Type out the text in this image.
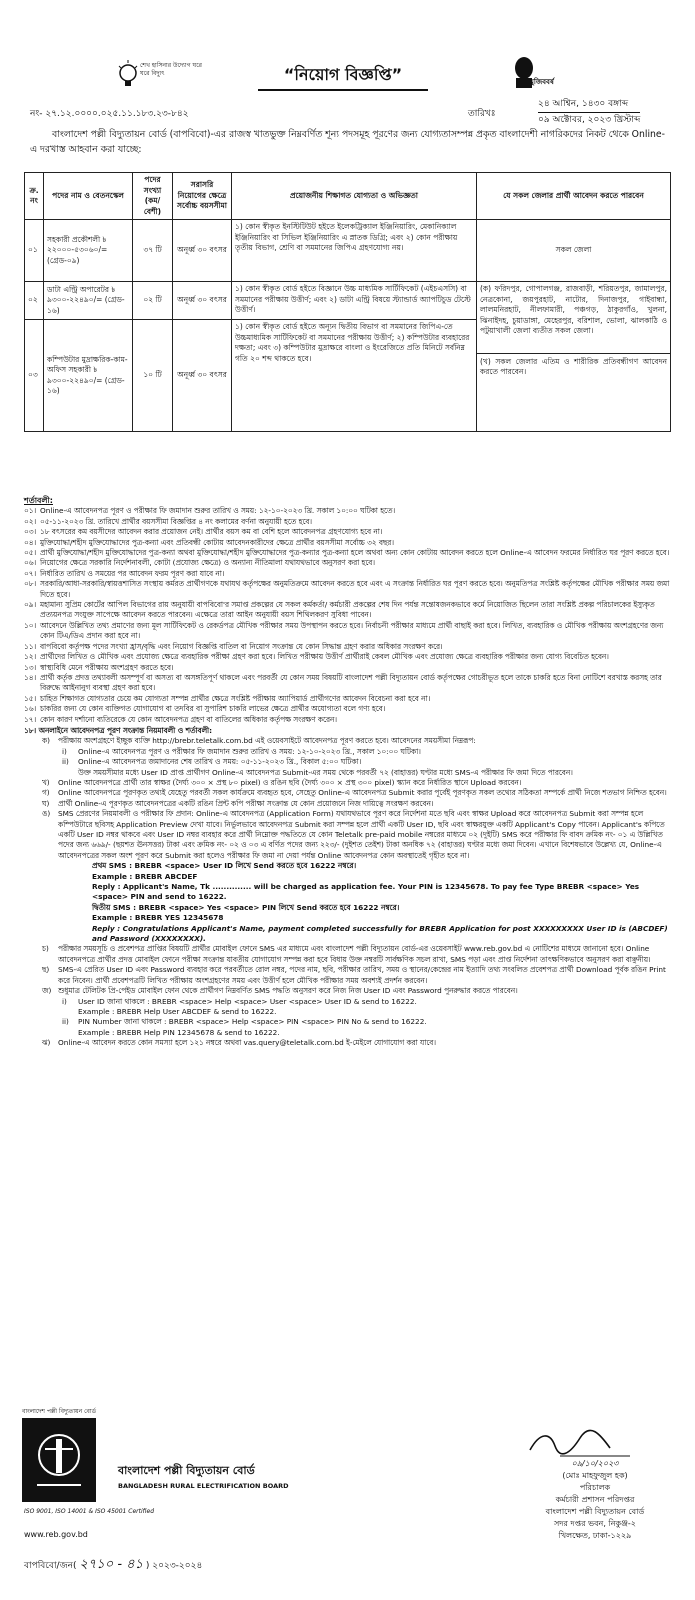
শেখ হাসিনার উদ্যোগ ঘরে ঘরে বিদ্যুৎ
মুজিববর্ষ
“নিয়োগ বিজ্ঞপ্তি”
নং- ২৭.১২.০০০০.০২৫.১১.১৮৩.২৩-৮৪২	তারিখঃ
২৪ আশ্বিন, ১৪৩০ বঙ্গাব্দ
০৯ অক্টোবর, ২০২৩ খ্রিস্টাব্দ
বাংলাদেশ পল্লী বিদ্যুতায়ন বোর্ড (বাপবিবো)-এর রাজস্ব খাতভুক্ত নিম্নবর্ণিত শূন্য পদসমূহ পূরণের জন্য যোগ্যতাসম্পন্ন প্রকৃত বাংলাদেশী নাগরিকদের নিকট থেকে Online-এ দরখাস্ত আহবান করা যাচ্ছে:
ক্র. নং	পদের নাম ও বেতনস্কেল	পদের সংখ্যা (কম/ বেশী)	সরাসরি নিয়োগের ক্ষেত্রে সর্বোচ্চ বয়সসীমা	প্রয়োজনীয় শিক্ষাগত যোগ্যতা ও অভিজ্ঞতা	যে সকল জেলার প্রার্থী আবেদন করতে পারবেন
০১	সহকারী প্রকৌশলী ৳ ২২০০০-৫৩০৬০/= (গ্রেড-০৯)	৩৭ টি	অনূর্ধ্ব ৩০ বৎসর	১) কোন স্বীকৃত ইনস্টিটিউট হইতে ইলেকট্রিক্যাল ইঞ্জিনিয়ারিং, মেকানিক্যাল ইঞ্জিনিয়ারিং বা সিভিল ইঞ্জিনিয়ারিং এ স্নাতক ডিগ্রি; এবং ২) কোন পরীক্ষায় তৃতীয় বিভাগ, শ্রেণি বা সমমানের জিপিএ গ্রহণযোগ্য নয়।	সকল জেলা
০২	ডাটা এন্ট্রি অপারেটর ৳ ৯৩০০-২২৪৯০/= (গ্রেড- ১৬)	০২ টি	অনূর্ধ্ব ৩০ বৎসর	১) কোন স্বীকৃত বোর্ড হইতে বিজ্ঞানে উচ্চ মাধ্যমিক সার্টিফিকেট (এইচএসসি) বা সমমানের পরীক্ষায় উত্তীর্ণ; এবং ২) ডাটা এন্ট্রি বিষয়ে স্ট্যান্ডার্ড অ্যাপটিচুড টেস্টে উত্তীর্ণ।	(ক) ফরিদপুর, গোপালগঞ্জ, রাজবাড়ী, শরিয়তপুর, জামালপুর, নেত্রকোনা, জয়পুরহাট, নাটোর, দিনাজপুর, গাইবান্ধা, লালমনিরহাট, নীলফামারী, পঞ্চগড়, ঠাকুরগাঁও, খুলনা, ঝিনাইদহ, চুয়াডাঙ্গা, মেহেরপুর, বরিশাল, ভোলা, ঝালকাঠি ও পটুয়াখালী জেলা ব্যতীত সকল জেলা।
(খ) সকল জেলার এতিম ও শারীরিক প্রতিবন্ধীগণ আবেদন করতে পারবেন।

০৩	কম্পিউটার মুদ্রাক্ষরিক-কাম-অফিস সহকারী ৳ ৯৩০০-২২৪৯০/= (গ্রেড- ১৬)	১০ টি	অনূর্ধ্ব ৩০ বৎসর	১) কোন স্বীকৃত বোর্ড হইতে অন্যূন দ্বিতীয় বিভাগ বা সমমানের জিপিএ-তে উচ্চমাধ্যমিক সার্টিফিকেট বা সমমানের পরীক্ষায় উত্তীর্ণ; ২) কম্পিউটার ব্যবহারের দক্ষতা; এবং ৩) কম্পিউটার মুদ্রাক্ষরে বাংলা ও ইংরেজিতে প্রতি মিনিটে সর্বনিম্ন গতি ২০ শব্দ থাকতে হবে।	
শর্তাবলী:
০১। Online-এ আবেদনপত্র পূরণ ও পরীক্ষার ফি জমাদান শুরুর তারিখ ও সময়: ১২-১০-২০২৩ খ্রি. সকাল ১০:০০ ঘটিকা হতে।
০২। ০৫-১১-২০২৩ খ্রি. তারিখে প্রার্থীর বয়সসীমা বিজ্ঞপ্তির ৪ নং কলামের বর্ণনা অনুযায়ী হতে হবে।
০৩। ১৮ বৎসরের কম বয়সীদের আবেদন করার প্রয়োজন নেই। প্রার্থীর বয়স কম বা বেশি হলে আবেদনপত্র গ্রহণযোগ্য হবে না।
০৪। মুক্তিযোদ্ধা/শহীদ মুক্তিযোদ্ধাদের পুত্র-কন্যা এবং প্রতিবন্ধী কোটায় আবেদনকারীদের ক্ষেত্রে প্রার্থীর বয়সসীমা সর্বোচ্চ ৩২ বছর।
০৫। প্রার্থী মুক্তিযোদ্ধা/শহীদ মুক্তিযোদ্ধাদের পুত্র-কন্যা অথবা মুক্তিযোদ্ধা/শহীদ মুক্তিযোদ্ধাদের পুত্র-কন্যার পুত্র-কন্যা হলে অথবা অন্য কোন কোটায় আবেদন করতে হলে Online-এ আবেদন ফরমের নির্ধারিত ঘর পূরণ করতে হবে।
০৬। নিয়োগের ক্ষেত্রে সরকারি নির্দেশনাবলী, কোটা (প্রযোজ্য ক্ষেত্রে) ও অন্যান্য নীতিমালা যথাযথভাবে অনুসরণ করা হবে।
০৭। নির্ধারিত তারিখ ও সময়ের পর আবেদন ফরম পূরণ করা যাবে না।
০৮। সরকারি/আধা-সরকারি/স্বায়ত্তশাসিত সংস্থায় কর্মরত প্রার্থীগণকে যথাযথ কর্তৃপক্ষের অনুমতিক্রমে আবেদন করতে হবে এবং এ সংক্রান্ত নির্ধারিত ঘর পূরণ করতে হবে। অনুমতিপত্র সংশ্লিষ্ট কর্তৃপক্ষের মৌখিক পরীক্ষার সময় জমা দিতে হবে।
০৯। মহামান্য সুপ্রিম কোর্টের আপিল বিভাগের রায় অনুযায়ী বাপবিবো'র সমাপ্ত প্রকল্পের যে সকল কর্মকর্তা/ কর্মচারী প্রকল্পের শেষ দিন পর্যন্ত সন্তোষজনকভাবে কর্মে নিয়োজিত ছিলেন তারা সংশ্লিষ্ট প্রকল্প পরিচালকের ইস্যুকৃত প্রত্যয়নপত্র সংযুক্ত সাপেক্ষে আবেদন করতে পারবেন। এক্ষেত্রে তারা আইন অনুযায়ী বয়স শিথিলকরণ সুবিধা পাবেন।
১০। আবেদনে উল্লিখিত তথ্য প্রমাণের জন্য মূল সার্টিফিকেট ও রেকর্ডপত্র মৌখিক পরীক্ষার সময় উপস্থাপন করতে হবে। নির্বাচনী পরীক্ষার মাধ্যমে প্রার্থী বাছাই করা হবে। লিখিত, ব্যবহারিক ও মৌখিক পরীক্ষায় অংশগ্রহণের জন্য কোন টিএ/ডিএ প্রদান করা হবে না।
১১। বাপবিবো কর্তৃপক্ষ পদের সংখ্যা হ্রাস/বৃদ্ধি এবং নিয়োগ বিজ্ঞপ্তি বাতিল বা নিয়োগ সংক্রান্ত যে কোন সিদ্ধান্ত গ্রহণ করার অধিকার সংরক্ষণ করে।
১২। প্রার্থীদের লিখিত ও মৌখিক এবং প্রযোজ্য ক্ষেত্রে ব্যবহারিক পরীক্ষা গ্রহণ করা হবে। লিখিত পরীক্ষায় উত্তীর্ণ প্রার্থীরাই কেবল মৌখিক এবং প্রযোজ্য ক্ষেত্রে ব্যবহারিক পরীক্ষার জন্য যোগ্য বিবেচিত হবেন।
১৩। স্বাস্থ্যবিধি মেনে পরীক্ষায় অংশগ্রহণ করতে হবে।
১৪। প্রার্থী কর্তৃক প্রদত্ত তথ্যাবলী অসম্পূর্ণ বা অসত্য বা অসঙ্গতিপূর্ণ থাকলে এবং পরবর্তী যে কোন সময় বিষয়টি বাংলাদেশ পল্লী বিদ্যুতায়ন বোর্ড কর্তৃপক্ষের গোচরীভূত হলে তাকে চাকরি হতে বিনা নোটিশে বরখাস্ত করসহ তার বিরুদ্ধে আইনানুগ ব্যবস্থা গ্রহণ করা হবে।
১৫। চাহিত শিক্ষাগত যোগ্যতার চেয়ে কম যোগ্যতা সম্পন্ন প্রার্থীর ক্ষেত্রে সংশ্লিষ্ট পরীক্ষায় অ্যাপিয়ার্ড প্রার্থীগণের আবেদন বিবেচনা করা হবে না।
১৬। চাকরির জন্য যে কোন ব্যক্তিগত যোগাযোগ বা তদবির বা সুপারিশ চাকরি লাভের ক্ষেত্রে প্রার্থীর অযোগ্যতা বলে গণ্য হবে।
১৭। কোন কারণ দর্শানো ব্যতিরেকে যে কোন আবেদনপত্র গ্রহণ বা বাতিলের অধিকার কর্তৃপক্ষ সংরক্ষণ করেন।
১৮। অনলাইনে আবেদনপত্র পূরণ সংক্রান্ত নিয়মাবলী ও শর্তাবলী:
ক)	পরীক্ষায় অংশগ্রহণে ইচ্ছুক ব্যক্তি http://brebr.teletalk.com.bd এই ওয়েবসাইটে আবেদনপত্র পূরণ করতে হবে। আবেদনের সময়সীমা নিম্নরূপ:
i)	Online-এ আবেদনপত্র পূরণ ও পরীক্ষার ফি জমাদান শুরুর তারিখ ও সময়: ১২-১০-২০২৩ খ্রি., সকাল ১০:০০ ঘটিকা।
ii)	Online-এ আবেদনপত্র জমাদানের শেষ তারিখ ও সময়: ০৫-১১-২০২৩ খ্রি., বিকাল ৫:০০ ঘটিকা।
উক্ত সময়সীমার মধ্যে User ID প্রাপ্ত প্রার্থীগণ Online-এ আবেদনপত্র Submit-এর সময় থেকে পরবর্তী ৭২ (বাহাত্তর) ঘণ্টার মধ্যে SMS-এ পরীক্ষার ফি জমা দিতে পারবেন।
খ)	Online আবেদনপত্রে প্রার্থী তার স্বাক্ষর (দৈর্ঘ্য ৩০০ × প্রস্থ ৮০ pixel) ও রঙিন ছবি (দৈর্ঘ্য ৩০০ × প্রস্থ ৩০০ pixel) স্ক্যান করে নির্ধারিত স্থানে Upload করবেন।
গ)	Online আবেদনপত্রে পূরণকৃত তথ্যই যেহেতু পরবর্তী সকল কার্যক্রমে ব্যবহৃত হবে, সেহেতু Online-এ আবেদনপত্র Submit করার পূর্বেই পূরণকৃত সকল তথ্যের সঠিকতা সম্পর্কে প্রার্থী নিজে শতভাগ নিশ্চিত হবেন।
ঘ)	প্রার্থী Online-এ পূরণকৃত আবেদনপত্রের একটি রঙিন প্রিন্ট কপি পরীক্ষা সংক্রান্ত যে কোন প্রয়োজনে নিজ দায়িত্বে সংরক্ষণ করবেন।
ঙ)	SMS প্রেরণের নিয়মাবলী ও পরীক্ষার ফি প্রদান: Online-এ আবেদনপত্র (Application Form) যথাযথভাবে পূরণ করে নির্দেশনা মতে ছবি এবং স্বাক্ষর Upload করে আবেদনপত্র Submit করা সম্পন্ন হলে কম্পিউটারে ছবিসহ Application Preview দেখা যাবে। নির্ভুলভাবে আবেদনপত্র Submit করা সম্পন্ন হলে প্রার্থী একটি User ID, ছবি এবং স্বাক্ষরযুক্ত একটি Applicant's Copy পাবেন। Applicant's কপিতে একটি User ID নম্বর থাকবে এবং User ID নম্বর ব্যবহার করে প্রার্থী নিম্নোক্ত পদ্ধতিতে যে কোন Teletalk pre-paid mobile নম্বরের মাধ্যমে ০২ (দুইটি) SMS করে পরীক্ষার ফি বাবদ ক্রমিক নং- ০১ এ উল্লিখিত পদের জন্য ৬৬৯/- (ছয়শত ঊনসত্তর) টাকা এবং ক্রমিক নং- ০২ ও ০৩ এ বর্ণিত পদের জন্য ২২৩/- (দুইশত তেইশ) টাকা অনধিক ৭২ (বাহাত্তর) ঘণ্টার মধ্যে জমা দিবেন। এখানে বিশেষভাবে উল্লেখ্য যে, Online-এ আবেদনপত্রের সকল অংশ পূরণ করে Submit করা হলেও পরীক্ষার ফি জমা না দেয়া পর্যন্ত Online আবেদনপত্র কোন অবস্থাতেই গৃহীত হবে না।
প্রথম SMS : BREBR <space> User ID লিখে Send করতে হবে 16222 নম্বরে।
Example : BREBR ABCDEF
Reply : Applicant's Name, Tk .............. will be charged as application fee. Your PIN is 12345678. To pay fee Type BREBR <space> Yes <space> PIN and send to 16222.
দ্বিতীয় SMS : BREBR <space> Yes <space> PIN লিখে Send করতে হবে 16222 নম্বরে।
Example : BREBR YES 12345678
Reply : Congratulations Applicant's Name, payment completed successfully for BREBR Application for post XXXXXXXXX User ID is (ABCDEF) and Password (XXXXXXXX).
চ)	পরীক্ষার সময়সূচি ও প্রবেশপত্র প্রাপ্তির বিষয়টি প্রার্থীর মোবাইল ফোনে SMS এর মাধ্যমে এবং বাংলাদেশ পল্লী বিদ্যুতায়ন বোর্ড-এর ওয়েবসাইট www.reb.gov.bd এ নোটিশের মাধ্যমে জানানো হবে। Online আবেদনপত্রে প্রার্থীর প্রদত্ত মোবাইল ফোনে পরীক্ষা সংক্রান্ত যাবতীয় যোগাযোগ সম্পন্ন করা হবে বিধায় উক্ত নম্বরটি সার্বক্ষণিক সচল রাখা, SMS পড়া এবং প্রাপ্ত নির্দেশনা তাৎক্ষণিকভাবে অনুসরণ করা বাঞ্ছনীয়।
ছ)	SMS-এ প্রেরিত User ID এবং Password ব্যবহার করে পরবর্তীতে রোল নম্বর, পদের নাম, ছবি, পরীক্ষার তারিখ, সময় ও স্থানের/কেন্দ্রের নাম ইত্যাদি তথ্য সংবলিত প্রবেশপত্র প্রার্থী Download পূর্বক রঙিন Print করে নিবেন। প্রার্থী প্রবেশপত্রটি লিখিত পরীক্ষায় অংশগ্রহণের সময় এবং উত্তীর্ণ হলে মৌখিক পরীক্ষার সময় অবশ্যই প্রদর্শন করবেন।
জ) শুধুমাত্র টেলিটক প্রি-পেইড মোবাইল ফোন থেকে প্রার্থীগণ নিম্নবর্ণিত SMS পদ্ধতি অনুসরণ করে নিজ নিজ User ID এবং Password পুনরুদ্ধার করতে পারবেন।
i)	User ID জানা থাকলে : BREBR <space> Help <space> User <space> User ID & send to 16222.
Example : BREBR Help User ABCDEF & send to 16222.
ii)	PIN Number জানা থাকলে : BREBR <space> Help <space> PIN <space> PIN No & send to 16222.
Example : BREBR Help PIN 12345678 & send to 16222.
ঝ)	Online-এ আবেদন করতে কোন সমস্যা হলে ১২১ নম্বরে অথবা vas.query@teletalk.com.bd ই-মেইলে যোগাযোগ করা যাবে।
বাংলাদেশ পল্লী বিদ্যুতায়ন বোর্ড
ISO 9001, ISO 14001 & ISO 45001 Certified
www.reb.gov.bd
বাংলাদেশ পল্লী বিদ্যুতায়ন বোর্ড
BANGLADESH RURAL ELECTRIFICATION BOARD
বাপবিবো/জন( ২৭১০ - ৪১ ) ২০২৩-২০২৪
০৯/১০/২০২৩
(মোঃ মাহফুজুল হক)
পরিচালক
কর্মচারী প্রশাসন পরিদপ্তর
বাংলাদেশ পল্লী বিদ্যুতায়ন বোর্ড
সদর দপ্তর ভবন, নিকুঞ্জ-২
খিলক্ষেত, ঢাকা-১২২৯
